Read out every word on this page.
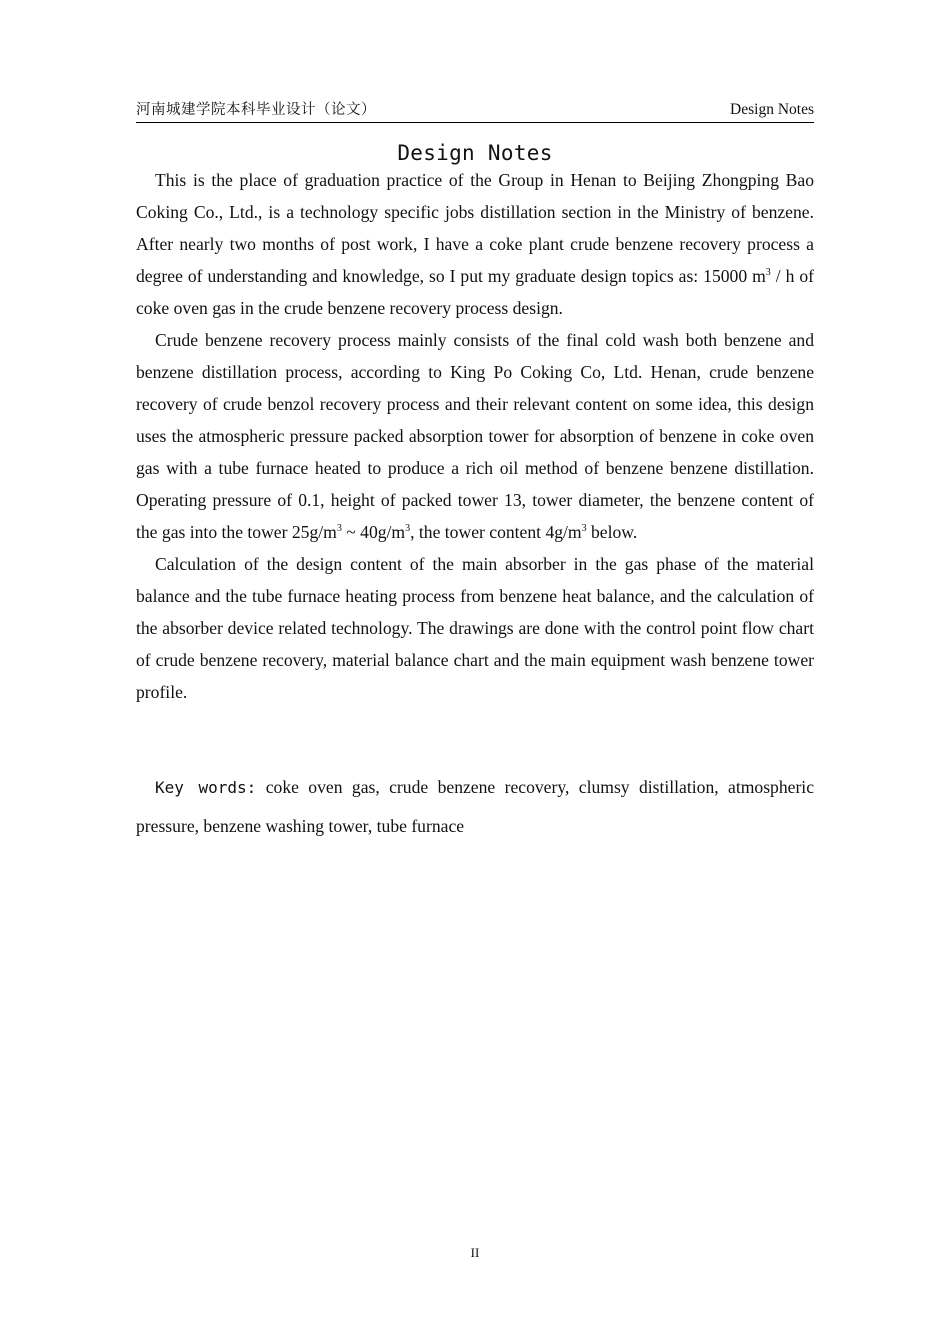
河南城建学院本科毕业设计（论文）	Design Notes
Design Notes

This is the place of graduation practice of the Group in Henan to Beijing Zhongping Bao Coking Co., Ltd., is a technology specific jobs distillation section in the Ministry of benzene. After nearly two months of post work, I have a coke plant crude benzene recovery process a degree of understanding and knowledge, so I put my graduate design topics as: 15000 $m^3$ / h of coke oven gas in the crude benzene recovery process design.

Crude benzene recovery process mainly consists of the final cold wash both benzene and benzene distillation process, according to King Po Coking Co, Ltd. Henan, crude benzene recovery of crude benzol recovery process and their relevant content on some idea, this design uses the atmospheric pressure packed absorption tower for absorption of benzene in coke oven gas with a tube furnace heated to produce a rich oil method of benzene benzene distillation. Operating pressure of 0.1, height of packed tower 13, tower diameter, the benzene content of the gas into the tower $25g/m^3$ ~ $40g/m^3$, the tower content $4g/m^3$ below.

Calculation of the design content of the main absorber in the gas phase of the material balance and the tube furnace heating process from benzene heat balance, and the calculation of the absorber device related technology. The drawings are done with the control point flow chart of crude benzene recovery, material balance chart and the main equipment wash benzene tower profile.

Key words: coke oven gas, crude benzene recovery, clumsy distillation, atmospheric pressure, benzene washing tower, tube furnace

II
